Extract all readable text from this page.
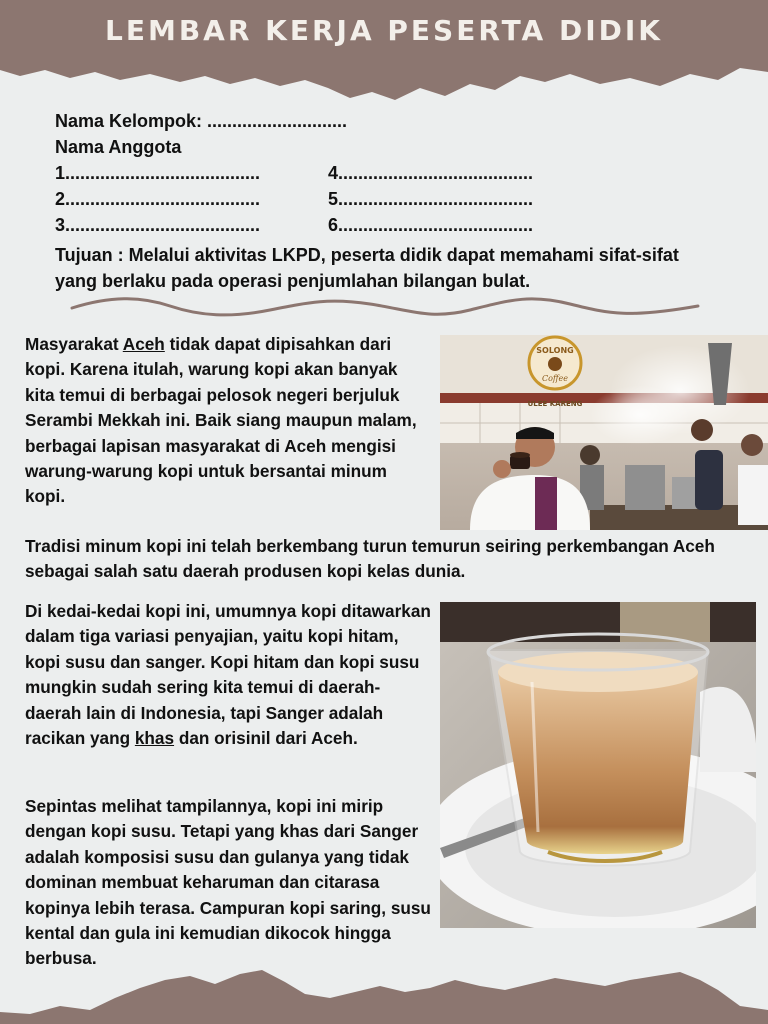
LEMBAR KERJA PESERTA DIDIK
Nama Kelompok: ............................
Nama Anggota
1.......................................
2.......................................
3.......................................
4.......................................
5.......................................
6.......................................
Tujuan : Melalui aktivitas LKPD, peserta didik dapat memahami sifat-sifat yang berlaku pada operasi penjumlahan bilangan bulat.
Masyarakat Aceh tidak dapat dipisahkan dari kopi. Karena itulah, warung kopi akan banyak kita temui di berbagai pelosok negeri berjuluk Serambi Mekkah ini. Baik siang maupun malam, berbagai lapisan masyarakat di Aceh mengisi warung-warung kopi untuk bersantai minum kopi.
SOLONG
Coffee
ULEE KARENG
Tradisi minum kopi ini telah berkembang turun temurun seiring perkembangan Aceh sebagai salah satu daerah produsen kopi kelas dunia.
Di kedai-kedai kopi ini, umumnya kopi ditawarkan dalam tiga variasi penyajian, yaitu kopi hitam, kopi susu dan sanger. Kopi hitam dan kopi susu mungkin sudah sering kita temui di daerah-daerah lain di Indonesia, tapi Sanger adalah racikan yang khas dan orisinil dari Aceh.
Sepintas melihat tampilannya, kopi ini mirip dengan kopi susu. Tetapi yang khas dari Sanger adalah komposisi susu dan gulanya yang tidak dominan membuat keharuman dan citarasa kopinya lebih terasa. Campuran kopi saring, susu kental dan gula ini kemudian dikocok hingga berbusa.
